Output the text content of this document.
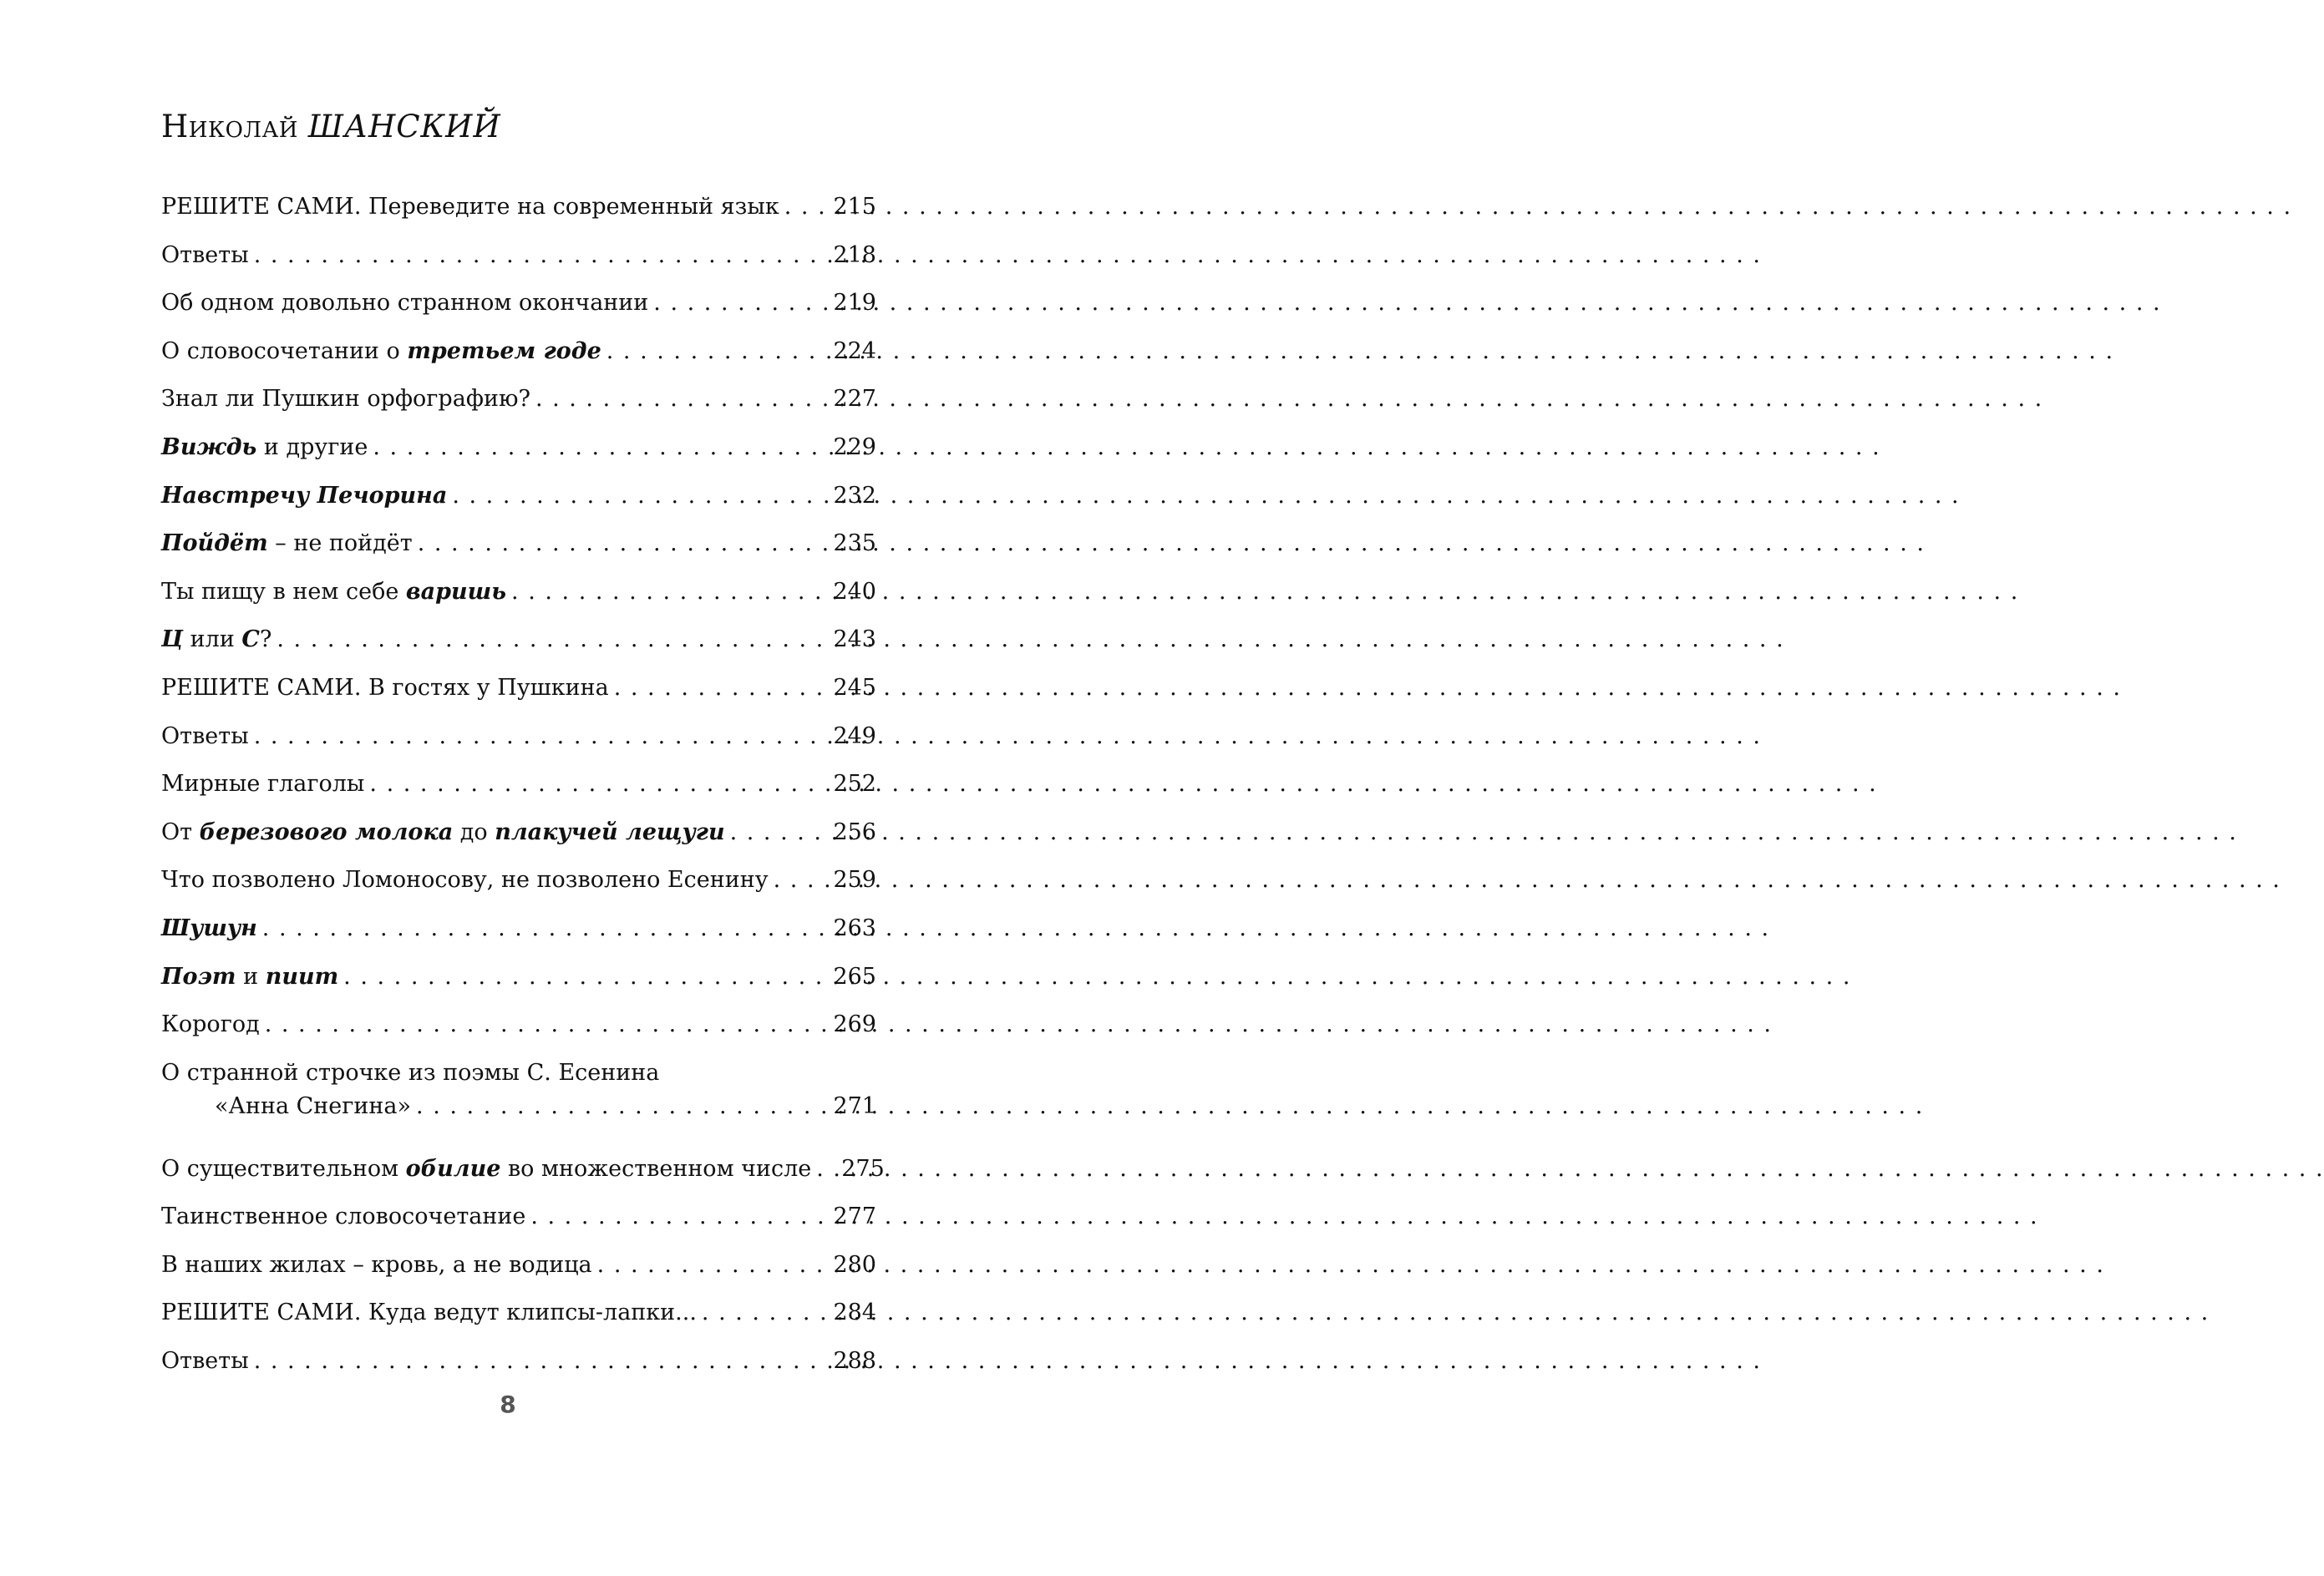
Николай ШАНСКИЙ
РЕШИТЕ САМИ. Переведите на современный язык . . . 215
Ответы . . .	218
Об одном довольно странном окончании . . .	219
О словосочетании о третьем годе . . .	224
Знал ли Пушкин орфографию? . . .	227
Виждь и другие . . .	229
Навстречу Печорина . . .	232
Пойдёт – не пойдёт . . .	235
Ты пищу в нем себе варишь . . .	240
Ц или С? . . .	243
РЕШИТЕ САМИ. В гостях у Пушкина . . .	245
Ответы . . .	249
Мирные глаголы . . .	252
От березового молока до плакучей лещуги . . .	256
Что позволено Ломоносову, не позволено Есенину . . .	259
Шушун . . .	263
Поэт и пиит . . .	265
Корогод . . .	269
О странной строчке из поэмы С. Есенина
«Анна Снегина» . . .	271
О существительном обилие во множественном числе . . . 275
Таинственное словосочетание . . .	277
В наших жилах – кровь, а не водица . . .	280
РЕШИТЕ САМИ. Куда ведут клипсы-лапки... . . .	284
Ответы . . .	288
8
